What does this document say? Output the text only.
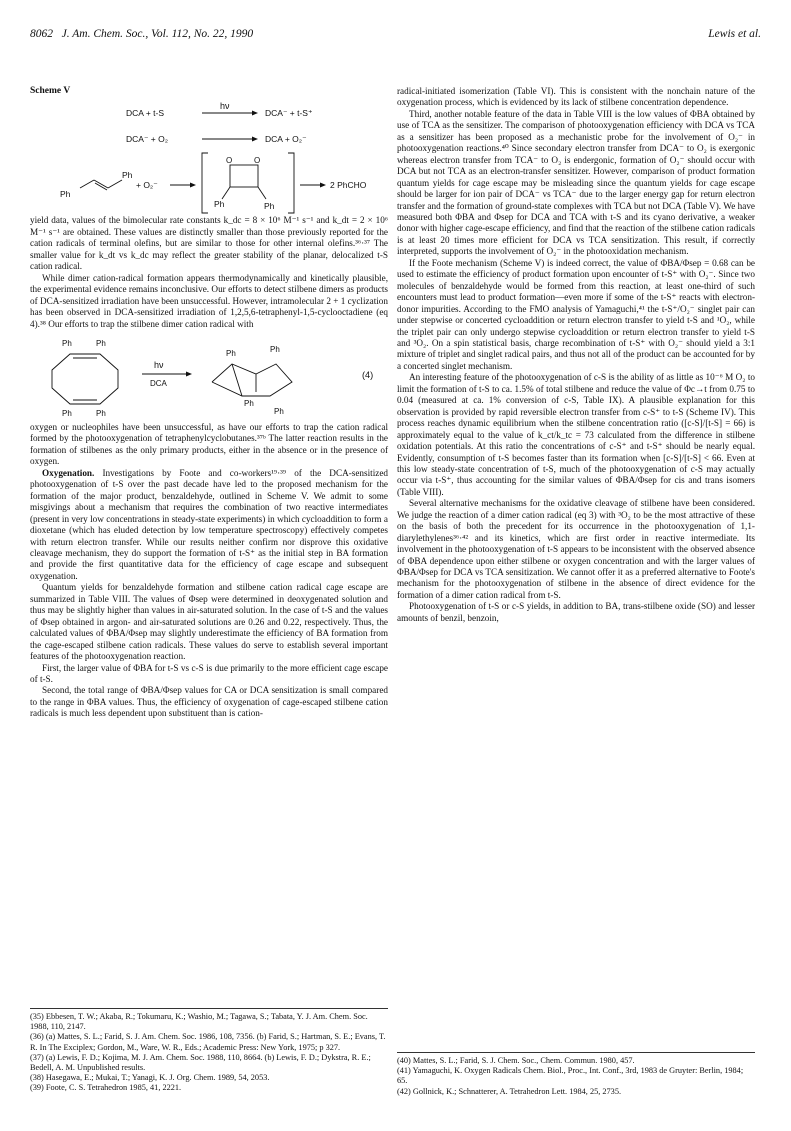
8062 J. Am. Chem. Soc., Vol. 112, No. 22, 1990	Lewis et al.
Scheme V
DCA + t-S
hν
DCA⁻ + t-S⁺
DCA⁻ + O₂	DCA + O₂⁻
Ph
Ph
+ O₂⁻
O	O
Ph	Ph
2 PhCHO

yield data, values of the bimolecular rate constants k_dc = 8 × 10⁶ M⁻¹ s⁻¹ and k_dt = 2 × 10⁶ M⁻¹ s⁻¹ are obtained. These values are distinctly smaller than those previously reported for the cation radicals of terminal olefins, but are similar to those for other internal olefins.³⁶·³⁷ The smaller value for k_dt vs k_dc may reflect the greater stability of the planar, delocalized t-S cation radical.

While dimer cation-radical formation appears thermodynamically and kinetically plausible, the experimental evidence remains inconclusive. Our efforts to detect stilbene dimers as products of DCA-sensitized irradiation have been unsuccessful. However, intramolecular 2 + 1 cyclization has been observed in DCA-sensitized irradiation of 1,2,5,6-tetraphenyl-1,5-cyclooctadiene (eq 4).³⁸ Our efforts to trap the stilbene dimer cation radical with

Ph	Ph
Ph	Ph
hν
DCA
Ph	Ph
Ph
Ph
(4)

oxygen or nucleophiles have been unsuccessful, as have our efforts to trap the cation radical formed by the photooxygenation of tetraphenylcyclobutanes.³⁷ᵇ The latter reaction results in the formation of stilbenes as the only primary products, either in the absence or in the presence of oxygen.

Oxygenation. Investigations by Foote and co-workers¹⁹·³⁹ of the DCA-sensitized photooxygenation of t-S over the past decade have led to the proposed mechanism for the formation of the major product, benzaldehyde, outlined in Scheme V. We admit to some misgivings about a mechanism that requires the combination of two reactive intermediates (present in very low concentrations in steady-state experiments) in which cycloaddition to form a dioxetane (which has eluded detection by low temperature spectroscopy) effectively competes with return electron transfer. While our results neither confirm nor disprove this oxidative cleavage mechanism, they do support the formation of t-S⁺ as the initial step in BA formation and provide the first quantitative data for the efficiency of cage escape and subsequent oxygenation.

Quantum yields for benzaldehyde formation and stilbene cation radical cage escape are summarized in Table VIII. The values of Φsep were determined in deoxygenated solution and thus may be slightly higher than values in air-saturated solution. In the case of t-S and the values of Φsep obtained in argon- and air-saturated solutions are 0.26 and 0.22, respectively. Thus, the calculated values of ΦBA/Φsep may slightly underestimate the efficiency of BA formation from the cage-escaped stilbene cation radicals. These values do serve to establish several important features of the photooxygenation reaction.

First, the larger value of ΦBA for t-S vs c-S is due primarily to the more efficient cage escape of t-S.

Second, the total range of ΦBA/Φsep values for CA or DCA sensitization is small compared to the range in ΦBA values. Thus, the efficiency of oxygenation of cage-escaped stilbene cation radicals is much less dependent upon substituent than is cation-

radical-initiated isomerization (Table VI). This is consistent with the nonchain nature of the oxygenation process, which is evidenced by its lack of stilbene concentration dependence.

Third, another notable feature of the data in Table VIII is the low values of ΦBA obtained by use of TCA as the sensitizer. The comparison of photooxygenation efficiency with DCA vs TCA as a sensitizer has been proposed as a mechanistic probe for the involvement of O₂⁻ in photooxygenation reactions.⁴⁰ Since secondary electron transfer from DCA⁻ to O₂ is exergonic whereas electron transfer from TCA⁻ to O₂ is endergonic, formation of O₂⁻ should occur with DCA but not TCA as an electron-transfer sensitizer. However, comparison of product formation quantum yields for cage escape may be misleading since the quantum yields for cage escape should be larger for ion pair of DCA⁻ vs TCA⁻ due to the larger energy gap for return electron transfer and the formation of ground-state complexes with TCA but not DCA (Table V). We have measured both ΦBA and Φsep for DCA and TCA with t-S and its cyano derivative, a weaker donor with higher cage-escape efficiency, and find that the reaction of the stilbene cation radicals is at least 20 times more efficient for DCA vs TCA sensitization. This result, if correctly interpreted, supports the involvement of O₂⁻ in the photooxidation mechanism.

If the Foote mechanism (Scheme V) is indeed correct, the value of ΦBA/Φsep = 0.68 can be used to estimate the efficiency of product formation upon encounter of t-S⁺ with O₂⁻. Since two molecules of benzaldehyde would be formed from this reaction, at least one-third of such encounters must lead to product formation—even more if some of the t-S⁺ reacts with electron-donor impurities. According to the FMO analysis of Yamaguchi,⁴¹ the t-S⁺/O₂⁻ singlet pair can under stepwise or concerted cycloaddition or return electron transfer to yield t-S and ¹O₂, while the triplet pair can only undergo stepwise cycloaddition or return electron transfer to yield t-S and ³O₂. On a spin statistical basis, charge recombination of t-S⁺ with O₂⁻ should yield a 3:1 mixture of triplet and singlet radical pairs, and thus not all of the product can be accounted for by a concerted singlet mechanism.

An interesting feature of the photooxygenation of c-S is the ability of as little as 10⁻⁶ M O₂ to limit the formation of t-S to ca. 1.5% of total stilbene and reduce the value of Φc→t from 0.75 to 0.04 (measured at ca. 1% conversion of c-S, Table IX). A plausible explanation for this observation is provided by rapid reversible electron transfer from c-S⁺ to t-S (Scheme IV). This process reaches dynamic equilibrium when the stilbene concentration ratio ([c-S]/[t-S] = 66) is approximately equal to the value of k_ct/k_tc = 73 calculated from the difference in stilbene oxidation potentials. At this ratio the concentrations of c-S⁺ and t-S⁺ should be nearly equal. Evidently, consumption of t-S becomes faster than its formation when [c-S]/[t-S] < 66. Even at this low steady-state concentration of t-S, much of the photooxygenation of c-S may actually occur via t-S⁺, thus accounting for the similar values of ΦBA/Φsep for cis and trans isomers (Table VIII).

Several alternative mechanisms for the oxidative cleavage of stilbene have been considered. We judge the reaction of a dimer cation radical (eq 3) with ³O₂ to be the most attractive of these on the basis of both the precedent for its occurrence in the photooxygenation of 1,1-diarylethylenes³⁶·⁴² and its kinetics, which are first order in reactive intermediate. Its involvement in the photooxygenation of t-S appears to be inconsistent with the observed absence of ΦBA dependence upon either stilbene or oxygen concentration and with the larger values of ΦBA/Φsep for DCA vs TCA sensitization. We cannot offer it as a preferred alternative to Foote's mechanism for the photooxygenation of stilbene in the absence of direct evidence for the formation of a dimer cation radical from t-S.

Photooxygenation of t-S or c-S yields, in addition to BA, trans-stilbene oxide (SO) and lesser amounts of benzil, benzoin,

(35) Ebbesen, T. W.; Akaba, R.; Tokumaru, K.; Washio, M.; Tagawa, S.; Tabata, Y. J. Am. Chem. Soc. 1988, 110, 2147.
(36) (a) Mattes, S. L.; Farid, S. J. Am. Chem. Soc. 1986, 108, 7356. (b) Farid, S.; Hartman, S. E.; Evans, T. R. In The Exciplex; Gordon, M., Ware, W. R., Eds.; Academic Press: New York, 1975; p 327.
(37) (a) Lewis, F. D.; Kojima, M. J. Am. Chem. Soc. 1988, 110, 8664. (b) Lewis, F. D.; Dykstra, R. E.; Bedell, A. M. Unpublished results.
(38) Hasegawa, E.; Mukai, T.; Yanagi, K. J. Org. Chem. 1989, 54, 2053.
(39) Foote, C. S. Tetrahedron 1985, 41, 2221.
(40) Mattes, S. L.; Farid, S. J. Chem. Soc., Chem. Commun. 1980, 457.
(41) Yamaguchi, K. Oxygen Radicals Chem. Biol., Proc., Int. Conf., 3rd, 1983 de Gruyter: Berlin, 1984; 65.
(42) Gollnick, K.; Schnatterer, A. Tetrahedron Lett. 1984, 25, 2735.
